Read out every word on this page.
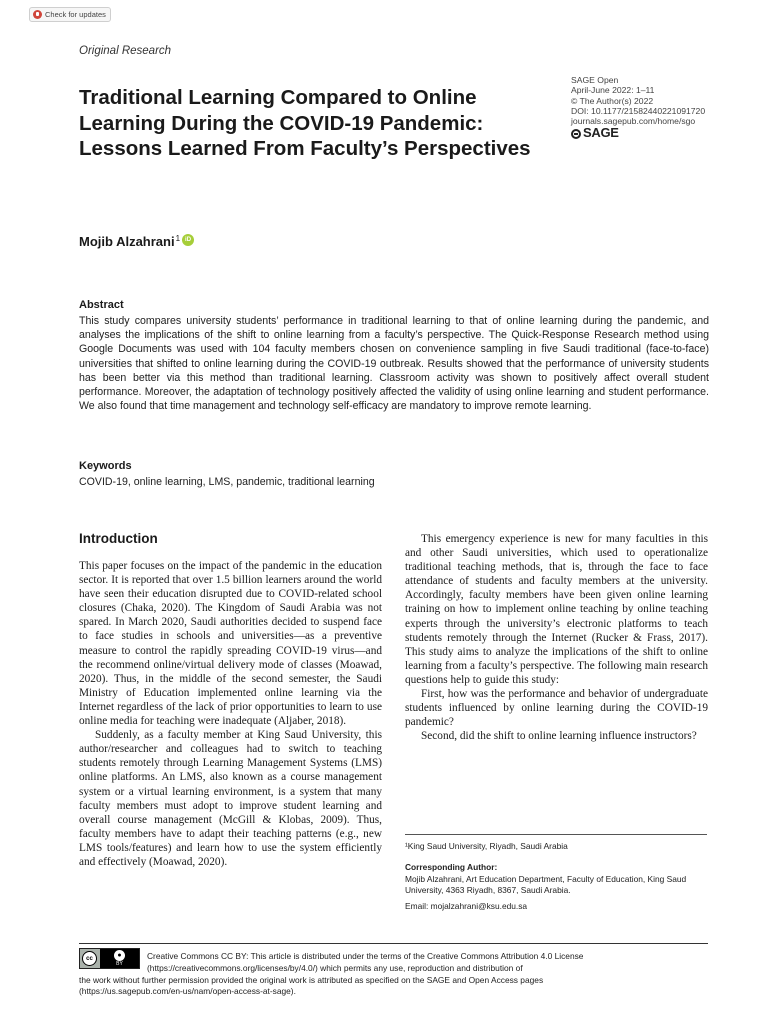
Check for updates
Original Research
SAGE Open
April-June 2022: 1–11
© The Author(s) 2022
DOI: 10.1177/21582440221091720
journals.sagepub.com/home/sgo
SAGE
Traditional Learning Compared to Online Learning During the COVID-19 Pandemic: Lessons Learned From Faculty’s Perspectives
Mojib Alzahrani$^1$ iD
Abstract

This study compares university students’ performance in traditional learning to that of online learning during the pandemic, and analyses the implications of the shift to online learning from a faculty’s perspective. The Quick-Response Research method using Google Documents was used with 104 faculty members chosen on convenience sampling in five Saudi traditional (face-to-face) universities that shifted to online learning during the COVID-19 outbreak. Results showed that the performance of university students has been better via this method than traditional learning. Classroom activity was shown to positively affect overall student performance. Moreover, the adaptation of technology positively affected the validity of using online learning and student performance. We also found that time management and technology self-efficacy are mandatory to improve remote learning.

Keywords
COVID-19, online learning, LMS, pandemic, traditional learning
Introduction

This paper focuses on the impact of the pandemic in the education sector. It is reported that over 1.5 billion learners around the world have seen their education disrupted due to COVID-related school closures (Chaka, 2020). The Kingdom of Saudi Arabia was not spared. In March 2020, Saudi authorities decided to suspend face to face studies in schools and universities—as a preventive measure to control the rapidly spreading COVID-19 virus—and the recommend online/virtual delivery mode of classes (Moawad, 2020). Thus, in the middle of the second semester, the Saudi Ministry of Education implemented online learning via the Internet regardless of the lack of prior opportunities to learn to use online media for teaching were inadequate (Aljaber, 2018).

Suddenly, as a faculty member at King Saud University, this author/researcher and colleagues had to switch to teaching students remotely through Learning Management Systems (LMS) online platforms. An LMS, also known as a course management system or a virtual learning environment, is a system that many faculty members must adopt to improve student learning and overall course management (McGill & Klobas, 2009). Thus, faculty members have to adapt their teaching patterns (e.g., new LMS tools/features) and learn how to use the system efficiently and effectively (Moawad, 2020).

This emergency experience is new for many faculties in this and other Saudi universities, which used to operationalize traditional teaching methods, that is, through the face to face attendance of students and faculty members at the university. Accordingly, faculty members have been given online learning training on how to implement online teaching by online teaching experts through the university’s electronic platforms to teach students remotely through the Internet (Rucker & Frass, 2017). This study aims to analyze the implications of the shift to online learning from a faculty’s perspective. The following main research questions help to guide this study:

First, how was the performance and behavior of undergraduate students influenced by online learning during the COVID-19 pandemic?

Second, did the shift to online learning influence instructors?

¹King Saud University, Riyadh, Saudi Arabia
Corresponding Author:
Mojib Alzahrani, Art Education Department, Faculty of Education, King Saud University, 4363 Riyadh, 8367, Saudi Arabia.
Email: mojalzahrani@ksu.edu.sa
cc	●
BY
Creative Commons CC BY: This article is distributed under the terms of the Creative Commons Attribution 4.0 License
(https://creativecommons.org/licenses/by/4.0/) which permits any use, reproduction and distribution of
the work without further permission provided the original work is attributed as specified on the SAGE and Open Access pages
(https://us.sagepub.com/en-us/nam/open-access-at-sage).
